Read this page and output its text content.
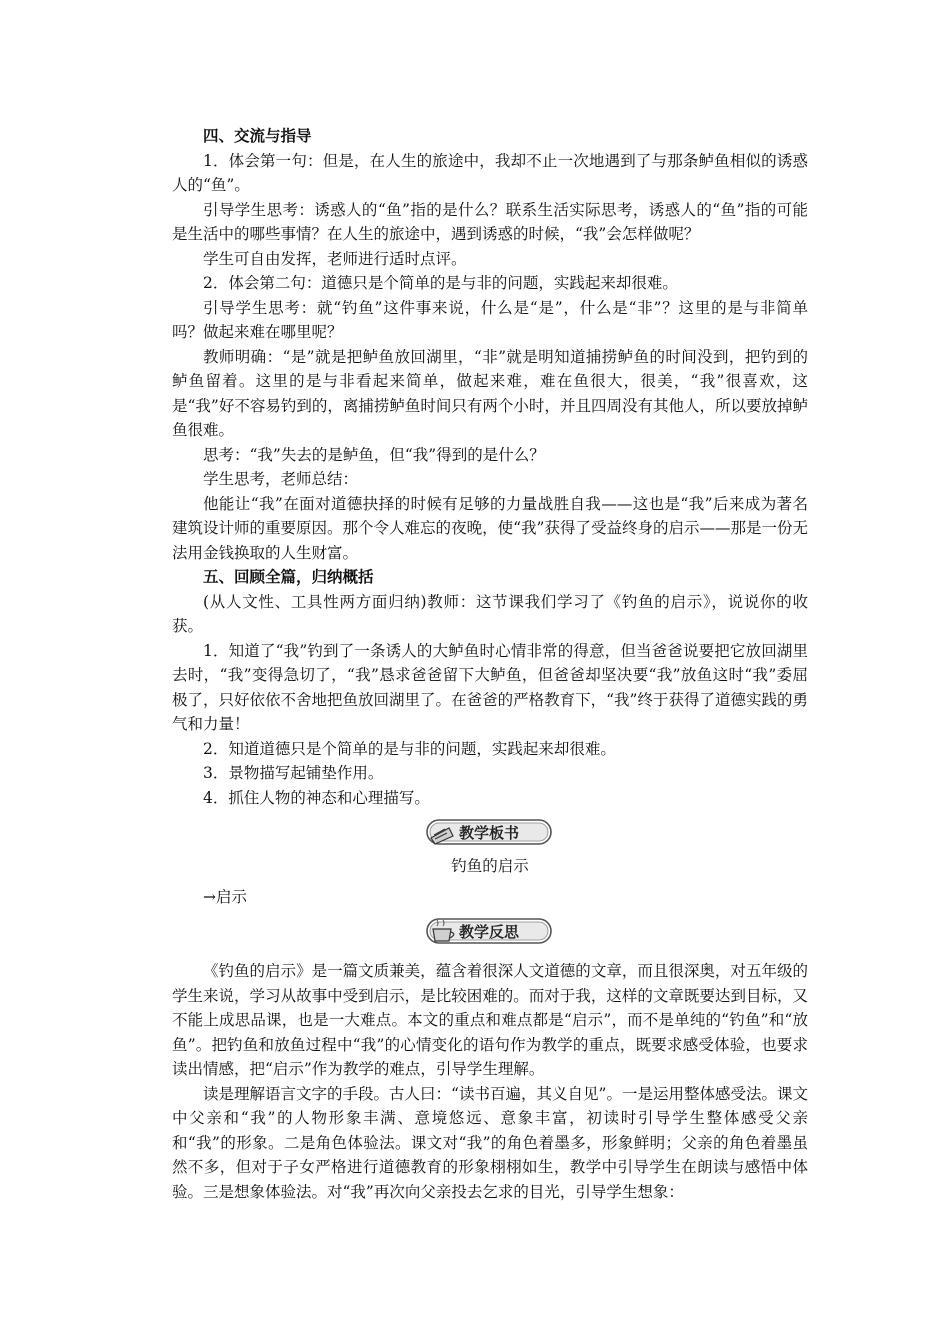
四、交流与指导

1．体会第一句：但是，在人生的旅途中，我却不止一次地遇到了与那条鲈鱼相似的诱惑人的“鱼”。

引导学生思考：诱惑人的“鱼”指的是什么？联系生活实际思考，诱惑人的“鱼”指的可能是生活中的哪些事情？在人生的旅途中，遇到诱惑的时候，“我”会怎样做呢？

学生可自由发挥，老师进行适时点评。

2．体会第二句：道德只是个简单的是与非的问题，实践起来却很难。

引导学生思考：就“钓鱼”这件事来说，什么是“是”，什么是“非”？这里的是与非简单吗？做起来难在哪里呢？

教师明确：“是”就是把鲈鱼放回湖里，“非”就是明知道捕捞鲈鱼的时间没到，把钓到的鲈鱼留着。这里的是与非看起来简单，做起来难，难在鱼很大，很美，“我”很喜欢，这是“我”好不容易钓到的，离捕捞鲈鱼时间只有两个小时，并且四周没有其他人，所以要放掉鲈鱼很难。

思考：“我”失去的是鲈鱼，但“我”得到的是什么？

学生思考，老师总结：

他能让“我”在面对道德抉择的时候有足够的力量战胜自我——这也是“我”后来成为著名建筑设计师的重要原因。那个令人难忘的夜晚，使“我”获得了受益终身的启示——那是一份无法用金钱换取的人生财富。

五、回顾全篇，归纳概括

(从人文性、工具性两方面归纳)教师：这节课我们学习了《钓鱼的启示》，说说你的收获。

1．知道了“我”钓到了一条诱人的大鲈鱼时心情非常的得意，但当爸爸说要把它放回湖里去时，“我”变得急切了，“我”恳求爸爸留下大鲈鱼，但爸爸却坚决要“我”放鱼这时“我”委屈极了，只好依依不舍地把鱼放回湖里了。在爸爸的严格教育下，“我”终于获得了道德实践的勇气和力量！

2．知道道德只是个简单的是与非的问题，实践起来却很难。

3．景物描写起铺垫作用。

4．抓住人物的神态和心理描写。

教学板书

钓鱼的启示

→启示

教学反思

《钓鱼的启示》是一篇文质兼美，蕴含着很深人文道德的文章，而且很深奥，对五年级的学生来说，学习从故事中受到启示，是比较困难的。而对于我，这样的文章既要达到目标，又不能上成思品课，也是一大难点。本文的重点和难点都是“启示”，而不是单纯的“钓鱼”和“放鱼”。把钓鱼和放鱼过程中“我”的心情变化的语句作为教学的重点，既要求感受体验，也要求读出情感，把“启示”作为教学的难点，引导学生理解。

读是理解语言文字的手段。古人曰：“读书百遍，其义自见”。一是运用整体感受法。课文中父亲和“我”的人物形象丰满、意境悠远、意象丰富，初读时引导学生整体感受父亲和“我”的形象。二是角色体验法。课文对“我”的角色着墨多，形象鲜明；父亲的角色着墨虽然不多，但对于子女严格进行道德教育的形象栩栩如生，教学中引导学生在朗读与感悟中体验。三是想象体验法。对“我”再次向父亲投去乞求的目光，引导学生想象：
